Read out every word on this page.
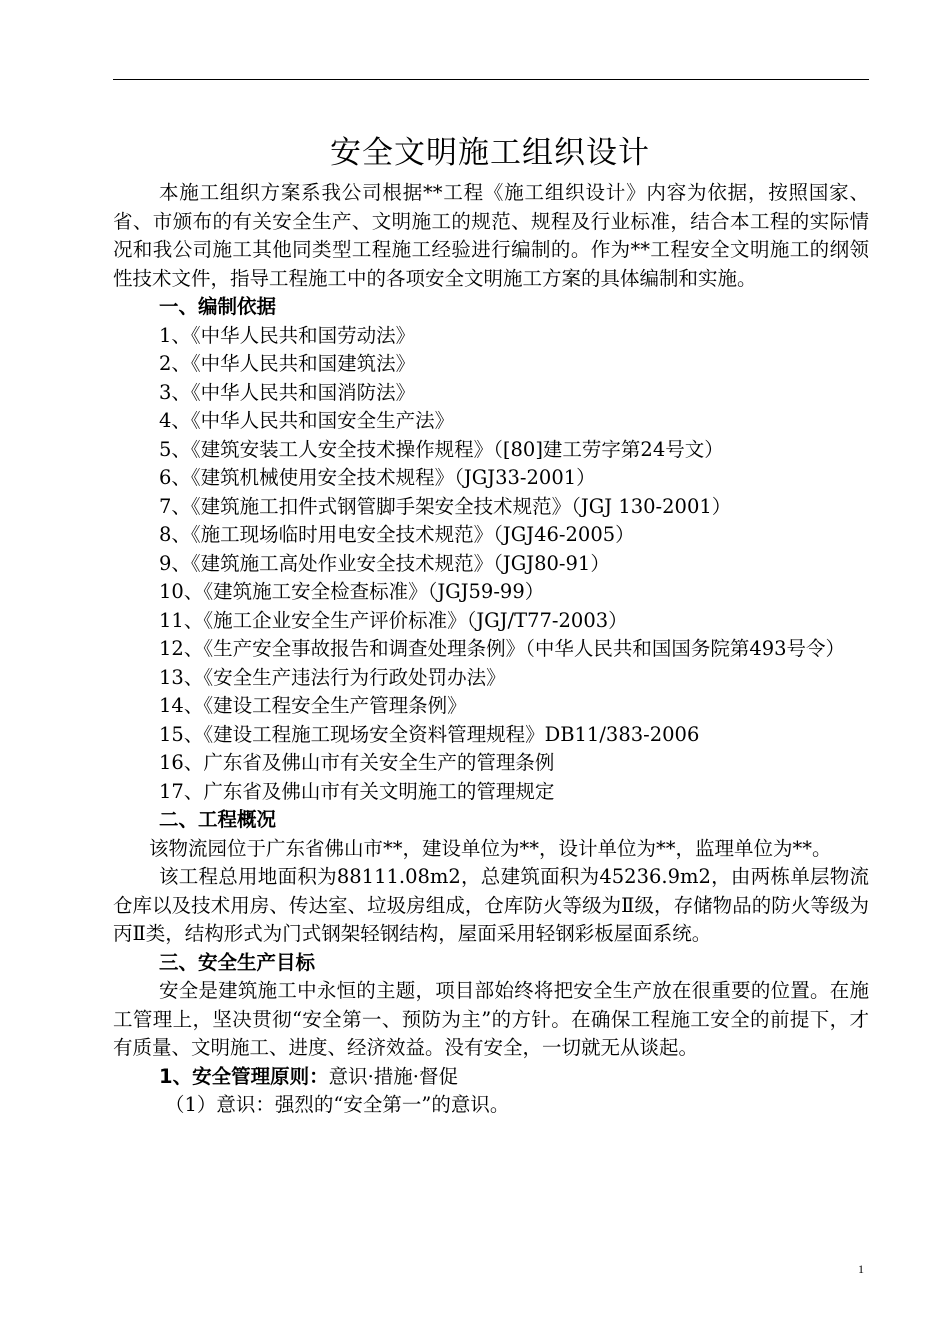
安全文明施工组织设计

本施工组织方案系我公司根据**工程《施工组织设计》内容为依据，按照国家、省、市颁布的有关安全生产、文明施工的规范、规程及行业标准，结合本工程的实际情况和我公司施工其他同类型工程施工经验进行编制的。作为**工程安全文明施工的纲领性技术文件，指导工程施工中的各项安全文明施工方案的具体编制和实施。

一、编制依据

1、《中华人民共和国劳动法》

2、《中华人民共和国建筑法》

3、《中华人民共和国消防法》

4、《中华人民共和国安全生产法》

5、《建筑安装工人安全技术操作规程》（[80]建工劳字第24号文）

6、《建筑机械使用安全技术规程》（JGJ33-2001）

7、《建筑施工扣件式钢管脚手架安全技术规范》（JGJ 130-2001）

8、《施工现场临时用电安全技术规范》（JGJ46-2005）

9、《建筑施工高处作业安全技术规范》（JGJ80-91）

10、《建筑施工安全检查标准》（JGJ59-99）

11、《施工企业安全生产评价标准》（JGJ/T77-2003）

12、《生产安全事故报告和调查处理条例》（中华人民共和国国务院第493号令）

13、《安全生产违法行为行政处罚办法》

14、《建设工程安全生产管理条例》

15、《建设工程施工现场安全资料管理规程》DB11/383-2006

16、广东省及佛山市有关安全生产的管理条例

17、广东省及佛山市有关文明施工的管理规定

二、工程概况

该物流园位于广东省佛山市**，建设单位为**，设计单位为**，监理单位为**。

该工程总用地面积为88111.08m2，总建筑面积为45236.9m2，由两栋单层物流仓库以及技术用房、传达室、垃圾房组成，仓库防火等级为Ⅱ级，存储物品的防火等级为丙Ⅱ类，结构形式为门式钢架轻钢结构，屋面采用轻钢彩板屋面系统。

三、安全生产目标

安全是建筑施工中永恒的主题，项目部始终将把安全生产放在很重要的位置。在施工管理上，坚决贯彻“安全第一、预防为主”的方针。在确保工程施工安全的前提下，才有质量、文明施工、进度、经济效益。没有安全，一切就无从谈起。

1、安全管理原则：意识·措施·督促

（1）意识：强烈的“安全第一”的意识。

1
